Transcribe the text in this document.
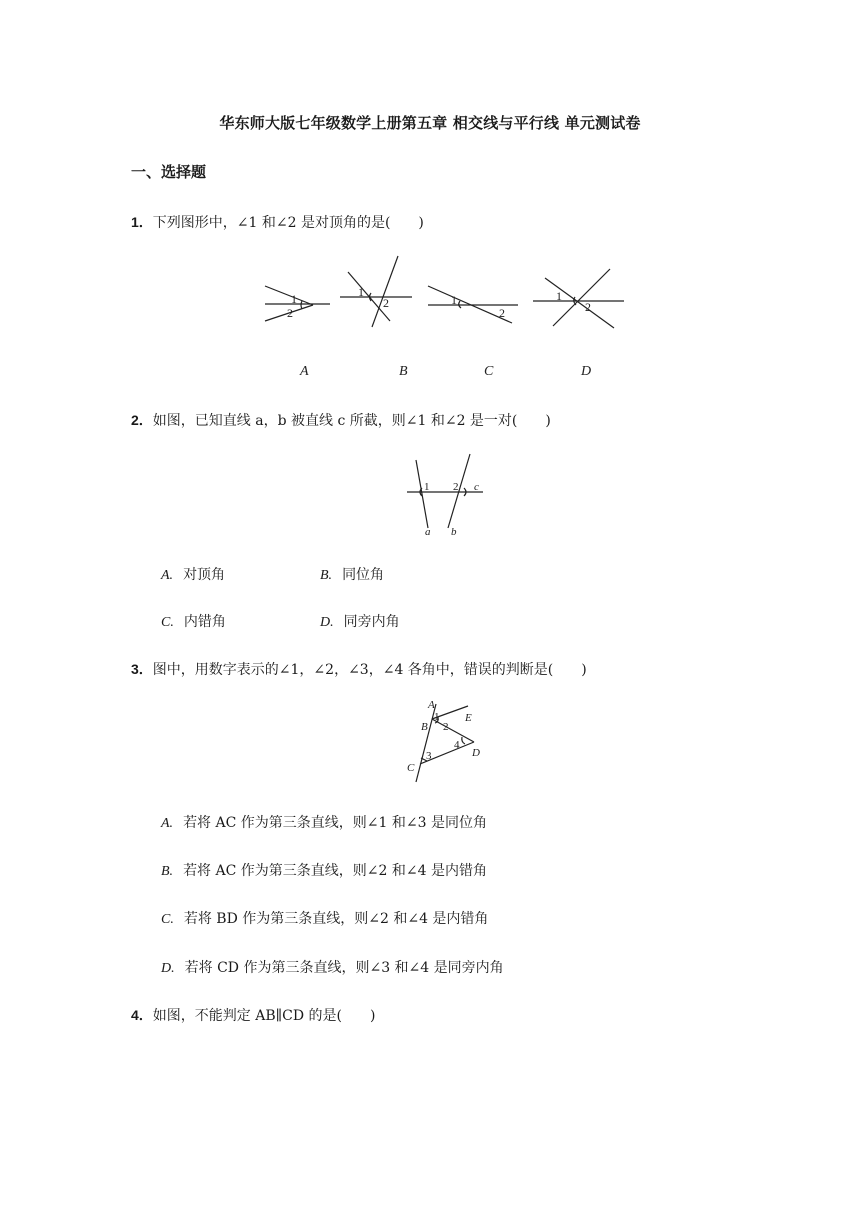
华东师大版七年级数学上册第五章 相交线与平行线 单元测试卷
一、选择题
1．下列图形中，∠1 和∠2 是对顶角的是(　　)
1
2
1
2	1
2
1
2
A	B	C	D
2．如图，已知直线 a，b 被直线 c 所截，则∠1 和∠2 是一对(　　)
1 2 c
a b
A. 对顶角	B. 同位角
C. 内错角	D. 同旁内角
3．图中，用数字表示的∠1，∠2，∠3，∠4 各角中，错误的判断是(　　)
A
B
C
D
E
1
2
3
4
A. 若将 AC 作为第三条直线，则∠1 和∠3 是同位角
B. 若将 AC 作为第三条直线，则∠2 和∠4 是内错角
C. 若将 BD 作为第三条直线，则∠2 和∠4 是内错角
D. 若将 CD 作为第三条直线，则∠3 和∠4 是同旁内角
4．如图，不能判定 AB∥CD 的是(　　)
